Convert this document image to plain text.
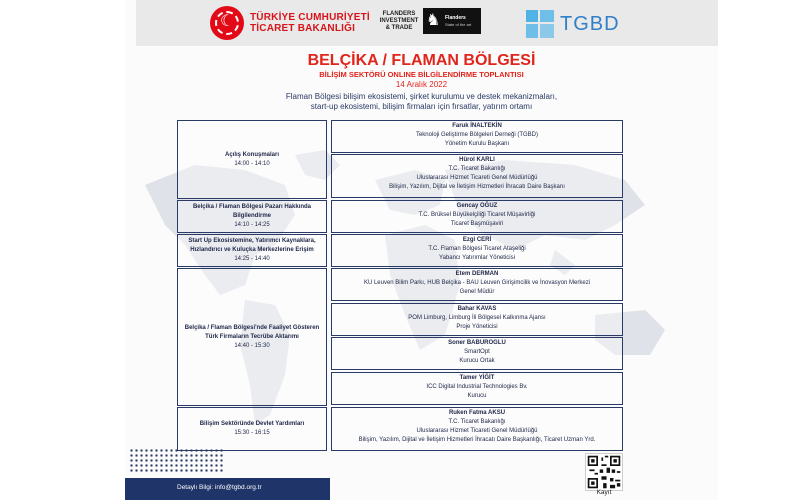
☾
TÜRKİYE CUMHURİYETİ
TİCARET BAKANLIĞI
FLANDERS INVESTMENT & TRADE ♞ Flanders
State of the art	TGBD
BELÇİKA / FLAMAN BÖLGESİ
BİLİŞİM SEKTÖRÜ ONLINE BİLGİLENDİRME TOPLANTISI
14 Aralık 2022
Flaman Bölgesi bilişim ekosistemi, şirket kurulumu ve destek mekanizmaları,
start-up ekosistemi, bilişim firmaları için fırsatlar, yatırım ortamı
Açılış Konuşmaları
14:00 - 14:10
Belçika / Flaman Bölgesi Pazarı Hakkında Bilgilendirme
14:10 - 14:25
Start Up Ekosistemine, Yatırımcı Kaynaklara, Hızlandırıcı ve Kuluçka Merkezlerine Erişim
14:25 - 14:40
Belçika / Flaman Bölgesi'nde Faaliyet Gösteren Türk Firmaların Tecrübe Aktarımı
14:40 - 15:30
Bilişim Sektöründe Devlet Yardımları
15:30 - 16:15
Faruk İNALTEKİN
Teknoloji Geliştirme Bölgeleri Derneği (TGBD)
Yönetim Kurulu Başkanı
Hürol KARLI
T.C. Ticaret Bakanlığı
Uluslararası Hizmet Ticareti Genel Müdürlüğü
Bilişim, Yazılım, Dijital ve İletişim Hizmetleri İhracatı Daire Başkanı
Gencay OĞUZ
T.C. Brüksel Büyükelçiliği Ticaret Müşavirliği
Ticaret Başmüşaviri
Ezgi CERİ
T.C. Flaman Bölgesi Ticaret Ataşeliği
Yabancı Yatırımlar Yöneticisi
Etem DERMAN
KU Leuven Bilim Parkı, HUB Belçika - BAU Leuven Girişimcilik ve İnovasyon Merkezi
Genel Müdür
Bahar KAVAS
POM Limburg, Limburg İli Bölgesel Kalkınma Ajansı
Proje Yöneticisi
Soner BABUROGLU
SmartOpt
Kurucu Ortak
Tamer YİĞİT
ICC Digital Industrial Technologies Bv.
Kurucu
Ruken Fatma AKSU
T.C. Ticaret Bakanlığı
Uluslararası Hizmet Ticareti Genel Müdürlüğü
Bilişim, Yazılım, Dijital ve İletişim Hizmetleri İhracatı Daire Başkanlığı, Ticaret Uzman Yrd.
Detaylı Bilgi: info@tgbd.org.tr
Kayıt
